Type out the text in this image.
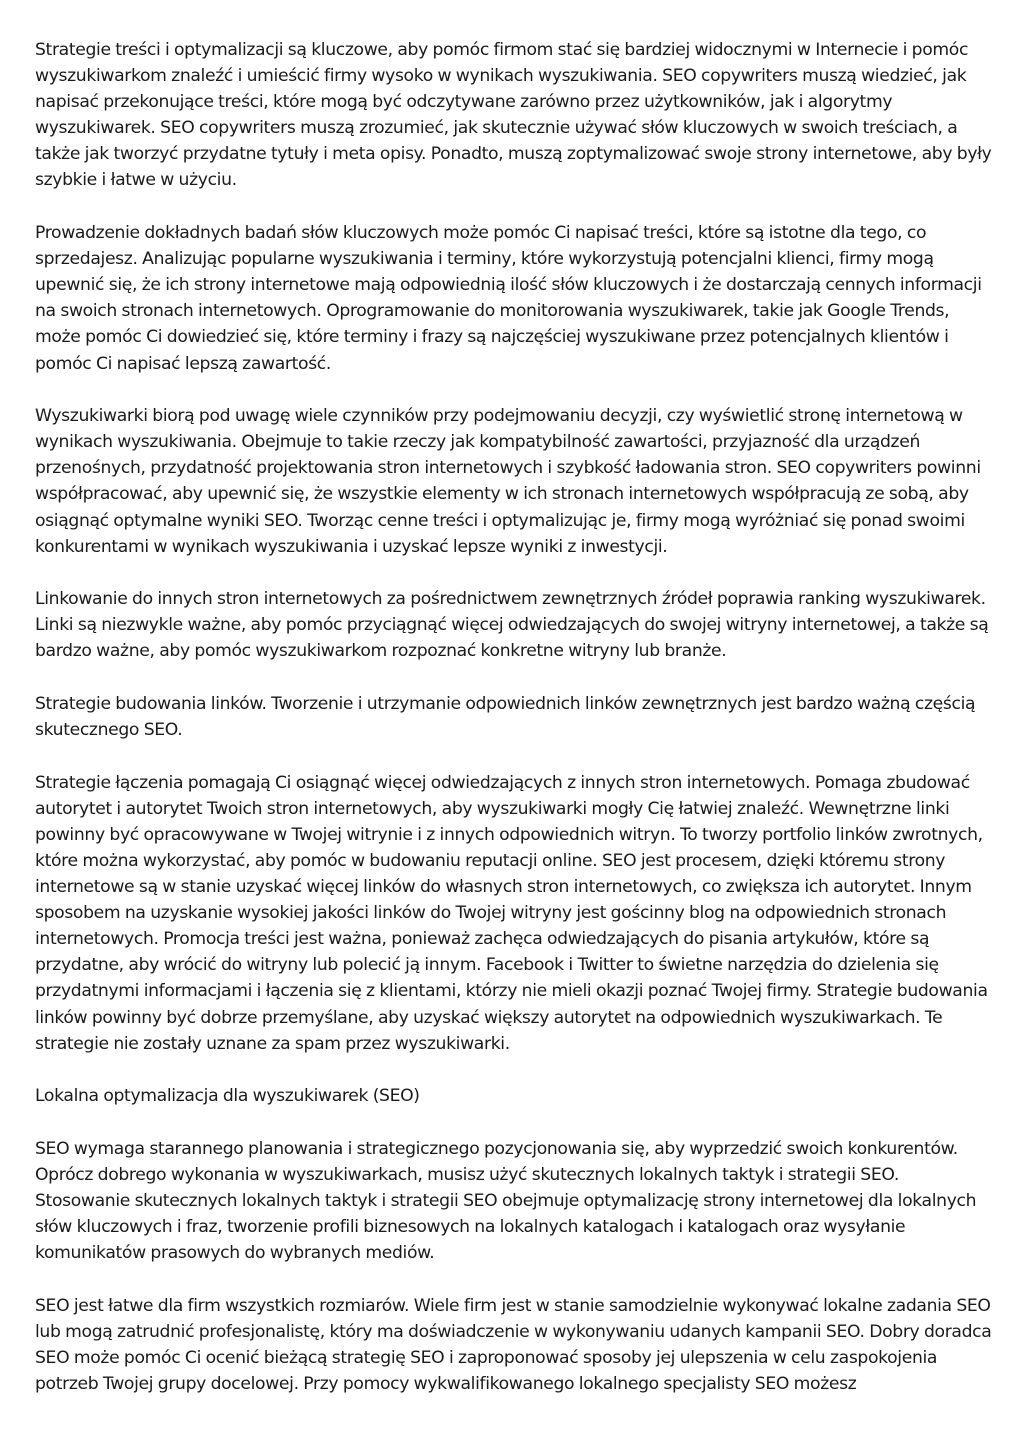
Strategie treści i optymalizacji są kluczowe, aby pomóc firmom stać się bardziej widocznymi w Internecie i pomóc wyszukiwarkom znaleźć i umieścić firmy wysoko w wynikach wyszukiwania. SEO copywriters muszą wiedzieć, jak napisać przekonujące treści, które mogą być odczytywane zarówno przez użytkowników, jak i algorytmy wyszukiwarek. SEO copywriters muszą zrozumieć, jak skutecznie używać słów kluczowych w swoich treściach, a także jak tworzyć przydatne tytuły i meta opisy. Ponadto, muszą zoptymalizować swoje strony internetowe, aby były szybkie i łatwe w użyciu.

Prowadzenie dokładnych badań słów kluczowych może pomóc Ci napisać treści, które są istotne dla tego, co sprzedajesz. Analizując popularne wyszukiwania i terminy, które wykorzystują potencjalni klienci, firmy mogą upewnić się, że ich strony internetowe mają odpowiednią ilość słów kluczowych i że dostarczają cennych informacji na swoich stronach internetowych. Oprogramowanie do monitorowania wyszukiwarek, takie jak Google Trends, może pomóc Ci dowiedzieć się, które terminy i frazy są najczęściej wyszukiwane przez potencjalnych klientów i pomóc Ci napisać lepszą zawartość.

Wyszukiwarki biorą pod uwagę wiele czynników przy podejmowaniu decyzji, czy wyświetlić stronę internetową w wynikach wyszukiwania. Obejmuje to takie rzeczy jak kompatybilność zawartości, przyjazność dla urządzeń przenośnych, przydatność projektowania stron internetowych i szybkość ładowania stron. SEO copywriters powinni współpracować, aby upewnić się, że wszystkie elementy w ich stronach internetowych współpracują ze sobą, aby osiągnąć optymalne wyniki SEO. Tworząc cenne treści i optymalizując je, firmy mogą wyróżniać się ponad swoimi konkurentami w wynikach wyszukiwania i uzyskać lepsze wyniki z inwestycji.

Linkowanie do innych stron internetowych za pośrednictwem zewnętrznych źródeł poprawia ranking wyszukiwarek. Linki są niezwykle ważne, aby pomóc przyciągnąć więcej odwiedzających do swojej witryny internetowej, a także są bardzo ważne, aby pomóc wyszukiwarkom rozpoznać konkretne witryny lub branże.

Strategie budowania linków. Tworzenie i utrzymanie odpowiednich linków zewnętrznych jest bardzo ważną częścią skutecznego SEO.

Strategie łączenia pomagają Ci osiągnąć więcej odwiedzających z innych stron internetowych. Pomaga zbudować autorytet i autorytet Twoich stron internetowych, aby wyszukiwarki mogły Cię łatwiej znaleźć. Wewnętrzne linki powinny być opracowywane w Twojej witrynie i z innych odpowiednich witryn. To tworzy portfolio linków zwrotnych, które można wykorzystać, aby pomóc w budowaniu reputacji online. SEO jest procesem, dzięki któremu strony internetowe są w stanie uzyskać więcej linków do własnych stron internetowych, co zwiększa ich autorytet. Innym sposobem na uzyskanie wysokiej jakości linków do Twojej witryny jest gościnny blog na odpowiednich stronach internetowych. Promocja treści jest ważna, ponieważ zachęca odwiedzających do pisania artykułów, które są przydatne, aby wrócić do witryny lub polecić ją innym. Facebook i Twitter to świetne narzędzia do dzielenia się przydatnymi informacjami i łączenia się z klientami, którzy nie mieli okazji poznać Twojej firmy. Strategie budowania linków powinny być dobrze przemyślane, aby uzyskać większy autorytet na odpowiednich wyszukiwarkach. Te strategie nie zostały uznane za spam przez wyszukiwarki.

Lokalna optymalizacja dla wyszukiwarek (SEO)

SEO wymaga starannego planowania i strategicznego pozycjonowania się, aby wyprzedzić swoich konkurentów. Oprócz dobrego wykonania w wyszukiwarkach, musisz użyć skutecznych lokalnych taktyk i strategii SEO. Stosowanie skutecznych lokalnych taktyk i strategii SEO obejmuje optymalizację strony internetowej dla lokalnych słów kluczowych i fraz, tworzenie profili biznesowych na lokalnych katalogach i katalogach oraz wysyłanie komunikatów prasowych do wybranych mediów.

SEO jest łatwe dla firm wszystkich rozmiarów. Wiele firm jest w stanie samodzielnie wykonywać lokalne zadania SEO lub mogą zatrudnić profesjonalistę, który ma doświadczenie w wykonywaniu udanych kampanii SEO. Dobry doradca SEO może pomóc Ci ocenić bieżącą strategię SEO i zaproponować sposoby jej ulepszenia w celu zaspokojenia potrzeb Twojej grupy docelowej. Przy pomocy wykwalifikowanego lokalnego specjalisty SEO możesz
